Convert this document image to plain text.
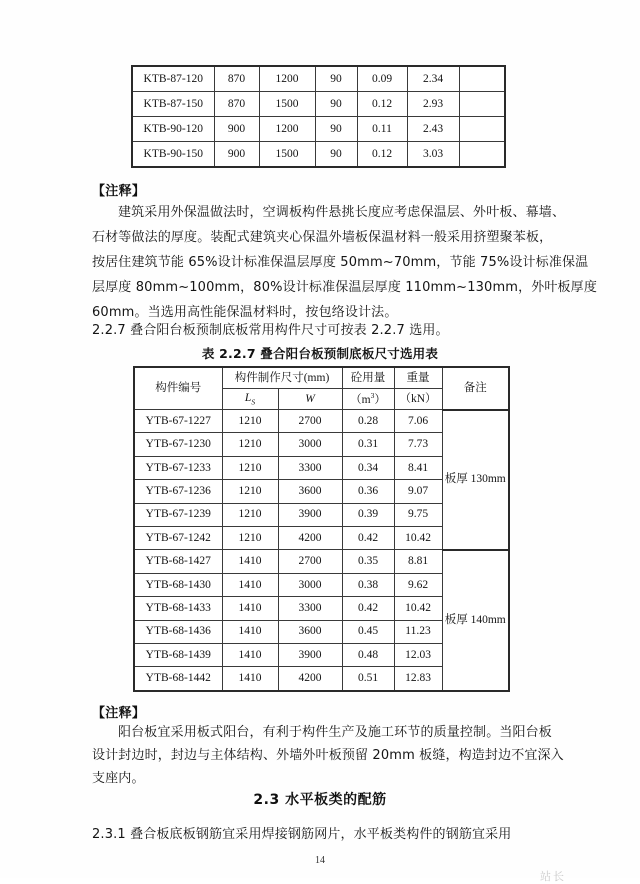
KTB-87-120	870	1200	90	0.09	2.34	
KTB-87-150	870	1500	90	0.12	2.93	
KTB-90-120	900	1200	90	0.11	2.43	
KTB-90-150	900	1500	90	0.12	3.03	
【注释】
建筑采用外保温做法时，空调板构件悬挑长度应考虑保温层、外叶板、幕墙、
石材等做法的厚度。装配式建筑夹心保温外墙板保温材料一般采用挤塑聚苯板，
按居住建筑节能 65%设计标准保温层厚度 50mm~70mm，节能 75%设计标准保温
层厚度 80mm~100mm，80%设计标准保温层厚度 110mm~130mm，外叶板厚度
60mm。当选用高性能保温材料时，按包络设计法。
2.2.7 叠合阳台板预制底板常用构件尺寸可按表 2.2.7 选用。
表 2.2.7 叠合阳台板预制底板尺寸选用表
构件编号	构件制作尺寸(mm)		砼用量	重量	备注
	$L_S$	W	$(m^3)$	（kN）	
YTB-67-1227	1210	2700	0.28	7.06	板厚 130mm
YTB-67-1230	1210	3000	0.31	7.73	
YTB-67-1233	1210	3300	0.34	8.41	
YTB-67-1236	1210	3600	0.36	9.07	
YTB-67-1239	1210	3900	0.39	9.75	
YTB-67-1242	1210	4200	0.42	10.42	
YTB-68-1427	1410	2700	0.35	8.81	板厚 140mm
YTB-68-1430	1410	3000	0.38	9.62	
YTB-68-1433	1410	3300	0.42	10.42	
YTB-68-1436	1410	3600	0.45	11.23	
YTB-68-1439	1410	3900	0.48	12.03	
YTB-68-1442	1410	4200	0.51	12.83	
【注释】
阳台板宜采用板式阳台，有利于构件生产及施工环节的质量控制。当阳台板
设计封边时，封边与主体结构、外墙外叶板预留 20mm 板缝，构造封边不宜深入
支座内。
2.3 水平板类的配筋
2.3.1 叠合板底板钢筋宜采用焊接钢筋网片，水平板类构件的钢筋宜采用
14
站长
